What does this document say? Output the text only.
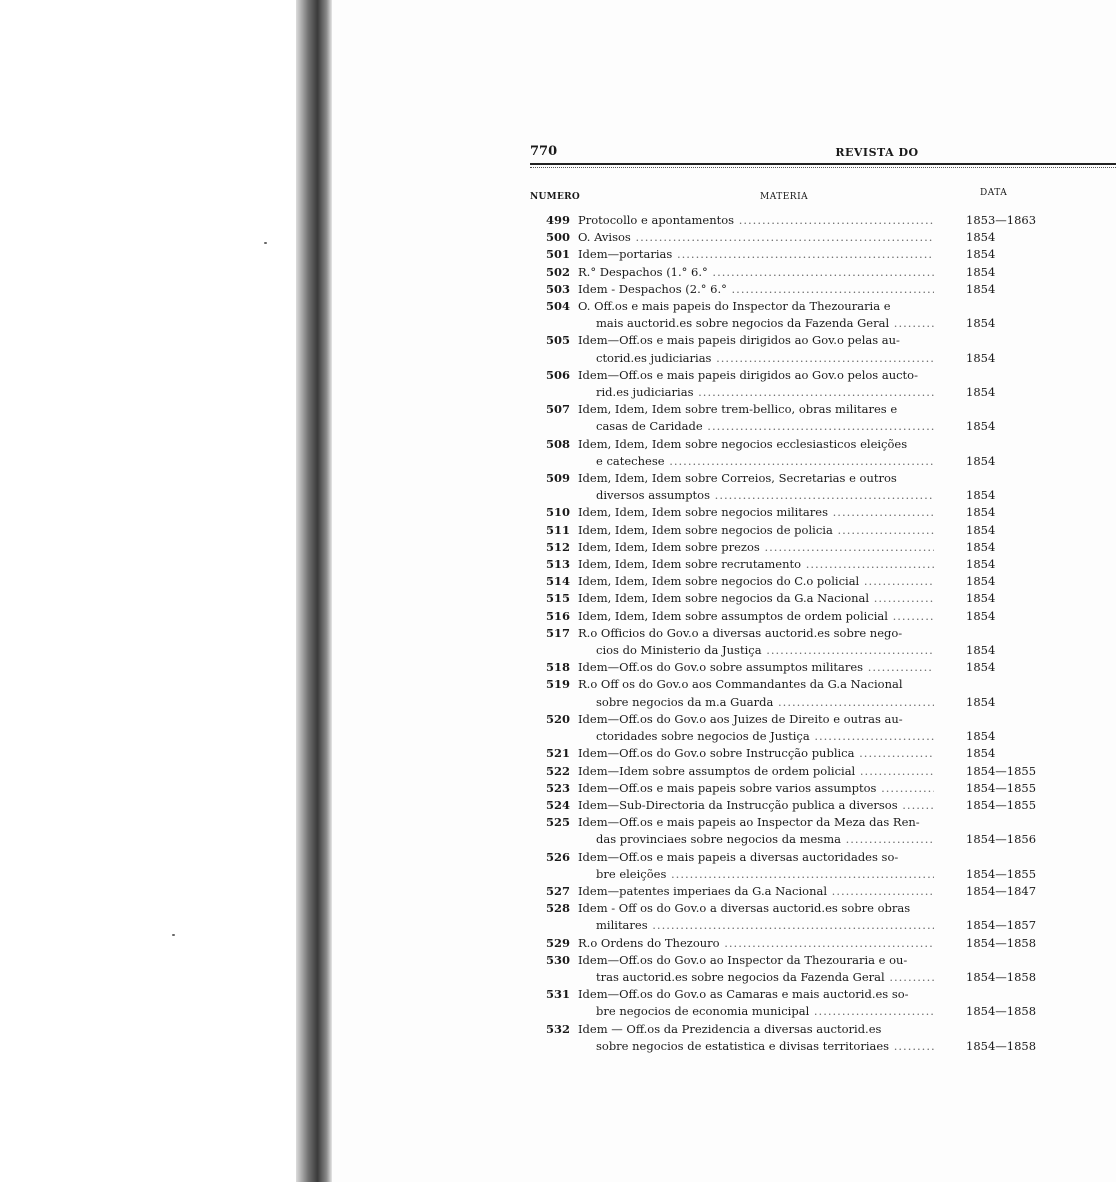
770	REVISTA DO
NUMERO	MATERIA	DATA
499 Protocollo e apontamentos .....	1853—1863
500 O. Avisos .....	1854
501 Idem—portarias .....	1854
502 R.° Despachos (1.° 6.° .....	1854
503 Idem - Despachos (2.° 6.° .....	1854
504 O. Off.os e mais papeis do Inspector da Thezouraria e
mais auctorid.es sobre negocios da Fazenda Geral .....	1854
505 Idem—Off.os e mais papeis dirigidos ao Gov.o pelas au-
ctorid.es judiciarias .....	1854
506 Idem—Off.os e mais papeis dirigidos ao Gov.o pelos aucto-
rid.es judiciarias .....	1854
507 Idem, Idem, Idem sobre trem-bellico, obras militares e
casas de Caridade .....	1854
508 Idem, Idem, Idem sobre negocios ecclesiasticos eleições
e catechese .....	1854
509 Idem, Idem, Idem sobre Correios, Secretarias e outros
diversos assumptos .....	1854
510 Idem, Idem, Idem sobre negocios militares .....	1854
511 Idem, Idem, Idem sobre negocios de policia .....	1854
512 Idem, Idem, Idem sobre prezos .....	1854
513 Idem, Idem, Idem sobre recrutamento .....	1854
514 Idem, Idem, Idem sobre negocios do C.o policial .....	1854
515 Idem, Idem, Idem sobre negocios da G.a Nacional .....	1854
516 Idem, Idem, Idem sobre assumptos de ordem policial .....	1854
517 R.o Officios do Gov.o a diversas auctorid.es sobre nego-
cios do Ministerio da Justiça .....	1854
518 Idem—Off.os do Gov.o sobre assumptos militares .....	1854
519 R.o Off os do Gov.o aos Commandantes da G.a Nacional
sobre negocios da m.a Guarda .....	1854
520 Idem—Off.os do Gov.o aos Juizes de Direito e outras au-
ctoridades sobre negocios de Justiça .....	1854
521 Idem—Off.os do Gov.o sobre Instrucção publica .....	1854
522 Idem—Idem sobre assumptos de ordem policial .....	1854—1855
523 Idem—Off.os e mais papeis sobre varios assumptos .....	1854—1855
524 Idem—Sub-Directoria da Instrucção publica a diversos .....	1854—1855
525 Idem—Off.os e mais papeis ao Inspector da Meza das Ren-
das provinciaes sobre negocios da mesma .....	1854—1856
526 Idem—Off.os e mais papeis a diversas auctoridades so-
bre eleições .....	1854—1855
527 Idem—patentes imperiaes da G.a Nacional .....	1854—1847
528 Idem - Off os do Gov.o a diversas auctorid.es sobre obras
militares .....	1854—1857
529 R.o Ordens do Thezouro .....	1854—1858
530 Idem—Off.os do Gov.o ao Inspector da Thezouraria e ou-
tras auctorid.es sobre negocios da Fazenda Geral .....	1854—1858
531 Idem—Off.os do Gov.o as Camaras e mais auctorid.es so-
bre negocios de economia municipal .....	1854—1858
532 Idem — Off.os da Prezidencia a diversas auctorid.es
sobre negocios de estatistica e divisas territoriaes .....	1854—1858
